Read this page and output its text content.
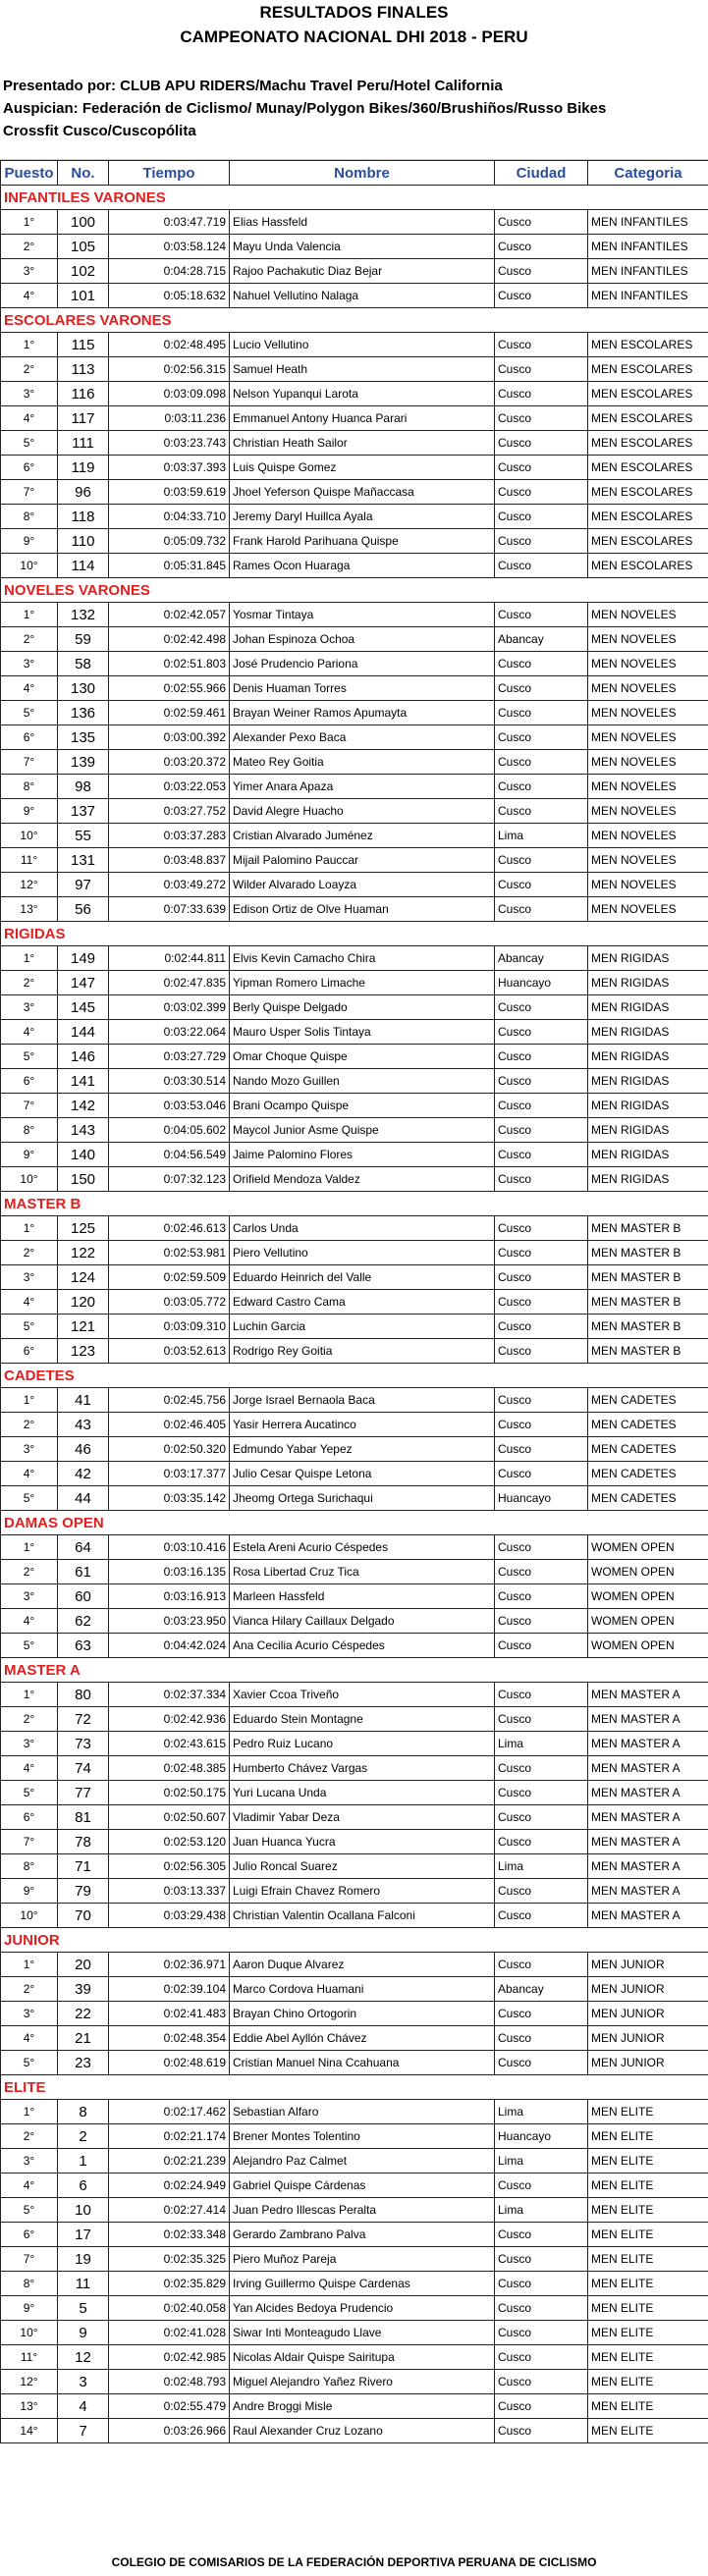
RESULTADOS FINALES
CAMPEONATO NACIONAL DHI 2018 - PERU
Presentado por: CLUB APU RIDERS/Machu Travel Peru/Hotel California
Auspician: Federación de Ciclismo/ Munay/Polygon Bikes/360/Brushiños/Russo Bikes
Crossfit Cusco/Cuscopólita
Puesto	No.	Tiempo	Nombre	Ciudad	Categoria
INFANTILES VARONES					
1°	100	0:03:47.719	Elias Hassfeld	Cusco	MEN INFANTILES
2°	105	0:03:58.124	Mayu Unda Valencia	Cusco	MEN INFANTILES
3°	102	0:04:28.715	Rajoo Pachakutic Diaz Bejar	Cusco	MEN INFANTILES
4°	101	0:05:18.632	Nahuel Vellutino Nalaga	Cusco	MEN INFANTILES
ESCOLARES VARONES					
1°	115	0:02:48.495	Lucio Vellutino	Cusco	MEN ESCOLARES
2°	113	0:02:56.315	Samuel Heath	Cusco	MEN ESCOLARES
3°	116	0:03:09.098	Nelson Yupanqui Larota	Cusco	MEN ESCOLARES
4°	117	0:03:11.236	Emmanuel Antony Huanca Parari	Cusco	MEN ESCOLARES
5°	111	0:03:23.743	Christian Heath Sailor	Cusco	MEN ESCOLARES
6°	119	0:03:37.393	Luis Quispe Gomez	Cusco	MEN ESCOLARES
7°	96	0:03:59.619	Jhoel Yeferson Quispe Mañaccasa	Cusco	MEN ESCOLARES
8°	118	0:04:33.710	Jeremy Daryl Huillca Ayala	Cusco	MEN ESCOLARES
9°	110	0:05:09.732	Frank Harold Parihuana Quispe	Cusco	MEN ESCOLARES
10°	114	0:05:31.845	Rames Ocon Huaraga	Cusco	MEN ESCOLARES
NOVELES VARONES					
1°	132	0:02:42.057	Yosmar Tintaya	Cusco	MEN NOVELES
2°	59	0:02:42.498	Johan Espinoza Ochoa	Abancay	MEN NOVELES
3°	58	0:02:51.803	José Prudencio Pariona	Cusco	MEN NOVELES
4°	130	0:02:55.966	Denis Huaman Torres	Cusco	MEN NOVELES
5°	136	0:02:59.461	Brayan Weiner Ramos Apumayta	Cusco	MEN NOVELES
6°	135	0:03:00.392	Alexander Pexo Baca	Cusco	MEN NOVELES
7°	139	0:03:20.372	Mateo Rey Goitia	Cusco	MEN NOVELES
8°	98	0:03:22.053	Yimer Anara Apaza	Cusco	MEN NOVELES
9°	137	0:03:27.752	David Alegre Huacho	Cusco	MEN NOVELES
10°	55	0:03:37.283	Cristian Alvarado Juménez	Lima	MEN NOVELES
11°	131	0:03:48.837	Mijail Palomino Pauccar	Cusco	MEN NOVELES
12°	97	0:03:49.272	Wilder Alvarado Loayza	Cusco	MEN NOVELES
13°	56	0:07:33.639	Edison Ortiz de Olve Huaman	Cusco	MEN NOVELES
RIGIDAS					
1°	149	0:02:44.811	Elvis Kevin Camacho Chira	Abancay	MEN RIGIDAS
2°	147	0:02:47.835	Yipman Romero Limache	Huancayo	MEN RIGIDAS
3°	145	0:03:02.399	Berly Quispe Delgado	Cusco	MEN RIGIDAS
4°	144	0:03:22.064	Mauro Usper Solis Tintaya	Cusco	MEN RIGIDAS
5°	146	0:03:27.729	Omar Choque Quispe	Cusco	MEN RIGIDAS
6°	141	0:03:30.514	Nando Mozo Guillen	Cusco	MEN RIGIDAS
7°	142	0:03:53.046	Brani Ocampo Quispe	Cusco	MEN RIGIDAS
8°	143	0:04:05.602	Maycol Junior Asme Quispe	Cusco	MEN RIGIDAS
9°	140	0:04:56.549	Jaime Palomino Flores	Cusco	MEN RIGIDAS
10°	150	0:07:32.123	Orifield Mendoza Valdez	Cusco	MEN RIGIDAS
MASTER B					
1°	125	0:02:46.613	Carlos Unda	Cusco	MEN MASTER B
2°	122	0:02:53.981	Piero Vellutino	Cusco	MEN MASTER B
3°	124	0:02:59.509	Eduardo Heinrich del Valle	Cusco	MEN MASTER B
4°	120	0:03:05.772	Edward Castro Cama	Cusco	MEN MASTER B
5°	121	0:03:09.310	Luchin Garcia	Cusco	MEN MASTER B
6°	123	0:03:52.613	Rodrigo Rey Goitia	Cusco	MEN MASTER B
CADETES					
1°	41	0:02:45.756	Jorge Israel Bernaola Baca	Cusco	MEN CADETES
2°	43	0:02:46.405	Yasir Herrera Aucatinco	Cusco	MEN CADETES
3°	46	0:02:50.320	Edmundo Yabar Yepez	Cusco	MEN CADETES
4°	42	0:03:17.377	Julio Cesar Quispe Letona	Cusco	MEN CADETES
5°	44	0:03:35.142	Jheomg Ortega Surichaqui	Huancayo	MEN CADETES
DAMAS OPEN					
1°	64	0:03:10.416	Estela Areni Acurio Céspedes	Cusco	WOMEN OPEN
2°	61	0:03:16.135	Rosa Libertad Cruz Tica	Cusco	WOMEN OPEN
3°	60	0:03:16.913	Marleen Hassfeld	Cusco	WOMEN OPEN
4°	62	0:03:23.950	Vianca Hilary Caillaux Delgado	Cusco	WOMEN OPEN
5°	63	0:04:42.024	Ana Cecilia Acurio Céspedes	Cusco	WOMEN OPEN
MASTER A					
1°	80	0:02:37.334	Xavier Ccoa Triveño	Cusco	MEN MASTER A
2°	72	0:02:42.936	Eduardo Stein Montagne	Cusco	MEN MASTER A
3°	73	0:02:43.615	Pedro Ruiz Lucano	Lima	MEN MASTER A
4°	74	0:02:48.385	Humberto Chávez Vargas	Cusco	MEN MASTER A
5°	77	0:02:50.175	Yuri Lucana Unda	Cusco	MEN MASTER A
6°	81	0:02:50.607	Vladimir Yabar Deza	Cusco	MEN MASTER A
7°	78	0:02:53.120	Juan Huanca Yucra	Cusco	MEN MASTER A
8°	71	0:02:56.305	Julio Roncal Suarez	Lima	MEN MASTER A
9°	79	0:03:13.337	Luigi Efrain Chavez Romero	Cusco	MEN MASTER A
10°	70	0:03:29.438	Christian Valentin Ocallana Falconi	Cusco	MEN MASTER A
JUNIOR					
1°	20	0:02:36.971	Aaron Duque Alvarez	Cusco	MEN JUNIOR
2°	39	0:02:39.104	Marco Cordova Huamani	Abancay	MEN JUNIOR
3°	22	0:02:41.483	Brayan Chino Ortogorin	Cusco	MEN JUNIOR
4°	21	0:02:48.354	Eddie Abel Ayllón Chávez	Cusco	MEN JUNIOR
5°	23	0:02:48.619	Cristian Manuel Nina Ccahuana	Cusco	MEN JUNIOR
ELITE					
1°	8	0:02:17.462	Sebastian Alfaro	Lima	MEN ELITE
2°	2	0:02:21.174	Brener Montes Tolentino	Huancayo	MEN ELITE
3°	1	0:02:21.239	Alejandro Paz Calmet	Lima	MEN ELITE
4°	6	0:02:24.949	Gabriel Quispe Cárdenas	Cusco	MEN ELITE
5°	10	0:02:27.414	Juan Pedro Illescas Peralta	Lima	MEN ELITE
6°	17	0:02:33.348	Gerardo Zambrano Palva	Cusco	MEN ELITE
7°	19	0:02:35.325	Piero Muñoz Pareja	Cusco	MEN ELITE
8°	11	0:02:35.829	Irving Guillermo Quispe Cardenas	Cusco	MEN ELITE
9°	5	0:02:40.058	Yan Alcides Bedoya Prudencio	Cusco	MEN ELITE
10°	9	0:02:41.028	Siwar Inti Monteagudo Llave	Cusco	MEN ELITE
11°	12	0:02:42.985	Nicolas Aldair Quispe Sairitupa	Cusco	MEN ELITE
12°	3	0:02:48.793	Miguel Alejandro Yañez Rivero	Cusco	MEN ELITE
13°	4	0:02:55.479	Andre Broggi Misle	Cusco	MEN ELITE
14°	7	0:03:26.966	Raul Alexander Cruz Lozano	Cusco	MEN ELITE
COLEGIO DE COMISARIOS DE LA FEDERACIÓN DEPORTIVA PERUANA DE CICLISMO
